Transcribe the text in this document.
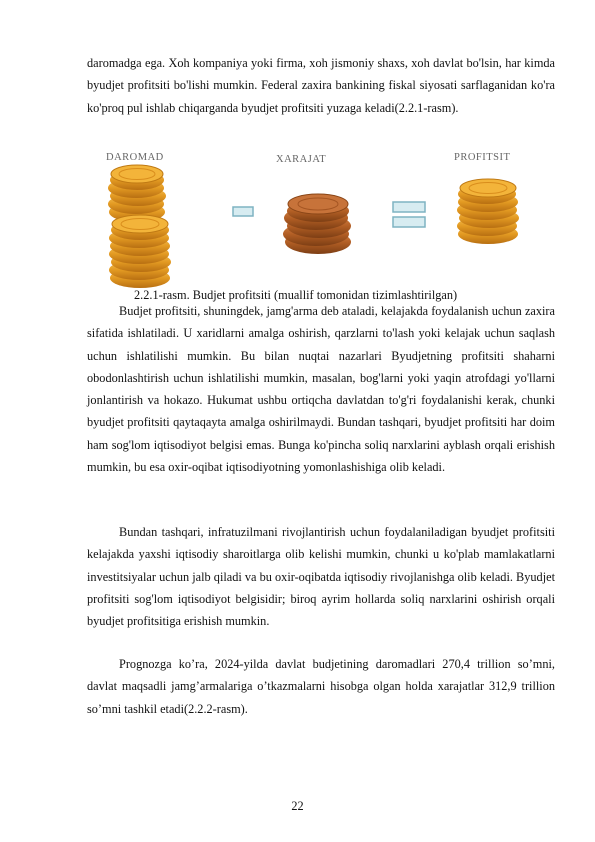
daromadga ega. Xoh kompaniya yoki firma, xoh jismoniy shaxs, xoh davlat bo'lsin, har kimda byudjet profitsiti bo'lishi mumkin. Federal zaxira bankining fiskal siyosati sarflaganidan ko'ra ko'proq pul ishlab chiqarganda byudjet profitsiti yuzaga keladi(2.2.1-rasm).

DAROMAD	XARAJAT	PROFITSIT

2.2.1-rasm. Budjet profitsiti (muallif tomonidan tizimlashtirilgan)

Budjet profitsiti, shuningdek, jamg'arma deb ataladi, kelajakda foydalanish uchun zaxira sifatida ishlatiladi. U xaridlarni amalga oshirish, qarzlarni to'lash yoki kelajak uchun saqlash uchun ishlatilishi mumkin. Bu bilan nuqtai nazarlari Byudjetning profitsiti shaharni obodonlashtirish uchun ishlatilishi mumkin, masalan, bog'larni yoki yaqin atrofdagi yo'llarni jonlantirish va hokazo. Hukumat ushbu ortiqcha davlatdan to'g'ri foydalanishi kerak, chunki byudjet profitsiti qaytaqayta amalga oshirilmaydi. Bundan tashqari, byudjet profitsiti har doim ham sog'lom iqtisodiyot belgisi emas. Bunga ko'pincha soliq narxlarini ayblash orqali erishish mumkin, bu esa oxir-oqibat iqtisodiyotning yomonlashishiga olib keladi.

Bundan tashqari, infratuzilmani rivojlantirish uchun foydalaniladigan byudjet profitsiti kelajakda yaxshi iqtisodiy sharoitlarga olib kelishi mumkin, chunki u ko'plab mamlakatlarni investitsiyalar uchun jalb qiladi va bu oxir-oqibatda iqtisodiy rivojlanishga olib keladi. Byudjet profitsiti sog'lom iqtisodiyot belgisidir; biroq ayrim hollarda soliq narxlarini oshirish orqali byudjet profitsitiga erishish mumkin.

Prognozga ko’ra, 2024-yilda davlat budjetining daromadlari 270,4 trillion so’mni, davlat maqsadli jamg’armalariga o’tkazmalarni hisobga olgan holda xarajatlar 312,9 trillion so’mni tashkil etadi(2.2.2-rasm).

22
